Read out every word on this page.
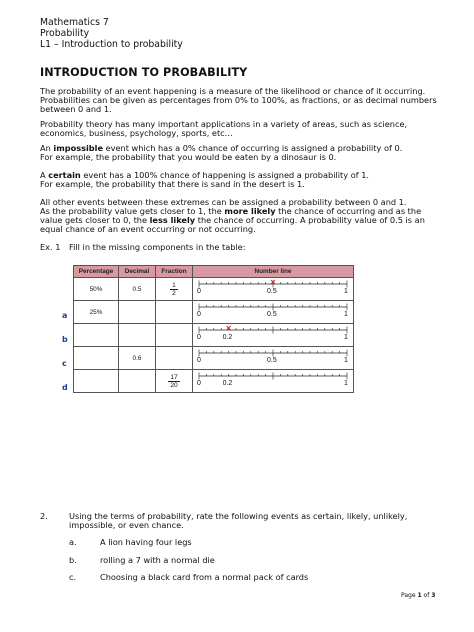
Mathematics 7
Probability
L1 – Introduction to probability
INTRODUCTION TO PROBABILITY
The probability of an event happening is a measure of the likelihood or chance of it occurring.
Probabilities can be given as percentages from 0% to 100%, as fractions, or as decimal numbers
between 0 and 1.
Probability theory has many important applications in a variety of areas, such as science,
economics, business, psychology, sports, etc…
An impossible event which has a 0% chance of occurring is assigned a probability of 0.
For example, the probability that you would be eaten by a dinosaur is 0.
A certain event has a 100% chance of happening is assigned a probability of 1.
For example, the probability that there is sand in the desert is 1.
All other events between these extremes can be assigned a probability between 0 and 1.
As the probability value gets closer to 1, the more likely the chance of occurring and as the
value gets closer to 0, the less likely the chance of occurring. A probability value of 0.5 is an
equal chance of an event occurring or not occurring.
Ex. 1 Fill in the missing components in the table:
Percentage	Decimal	Fraction	Number line
50%	0.5	$\frac{1}{2}$	0 0.5 1

25%			0 0.5 1

			0 0.2 1

	0.6		0 0.5 1

		$\frac{17}{20}$	0 0.2 1
a
b
c
d
2.	Using the terms of probability, rate the following events as certain, likely, unlikely,
impossible, or even chance.
a.	A lion having four legs
b.	rolling a 7 with a normal die
c.	Choosing a black card from a normal pack of cards
Page 1 of 3
